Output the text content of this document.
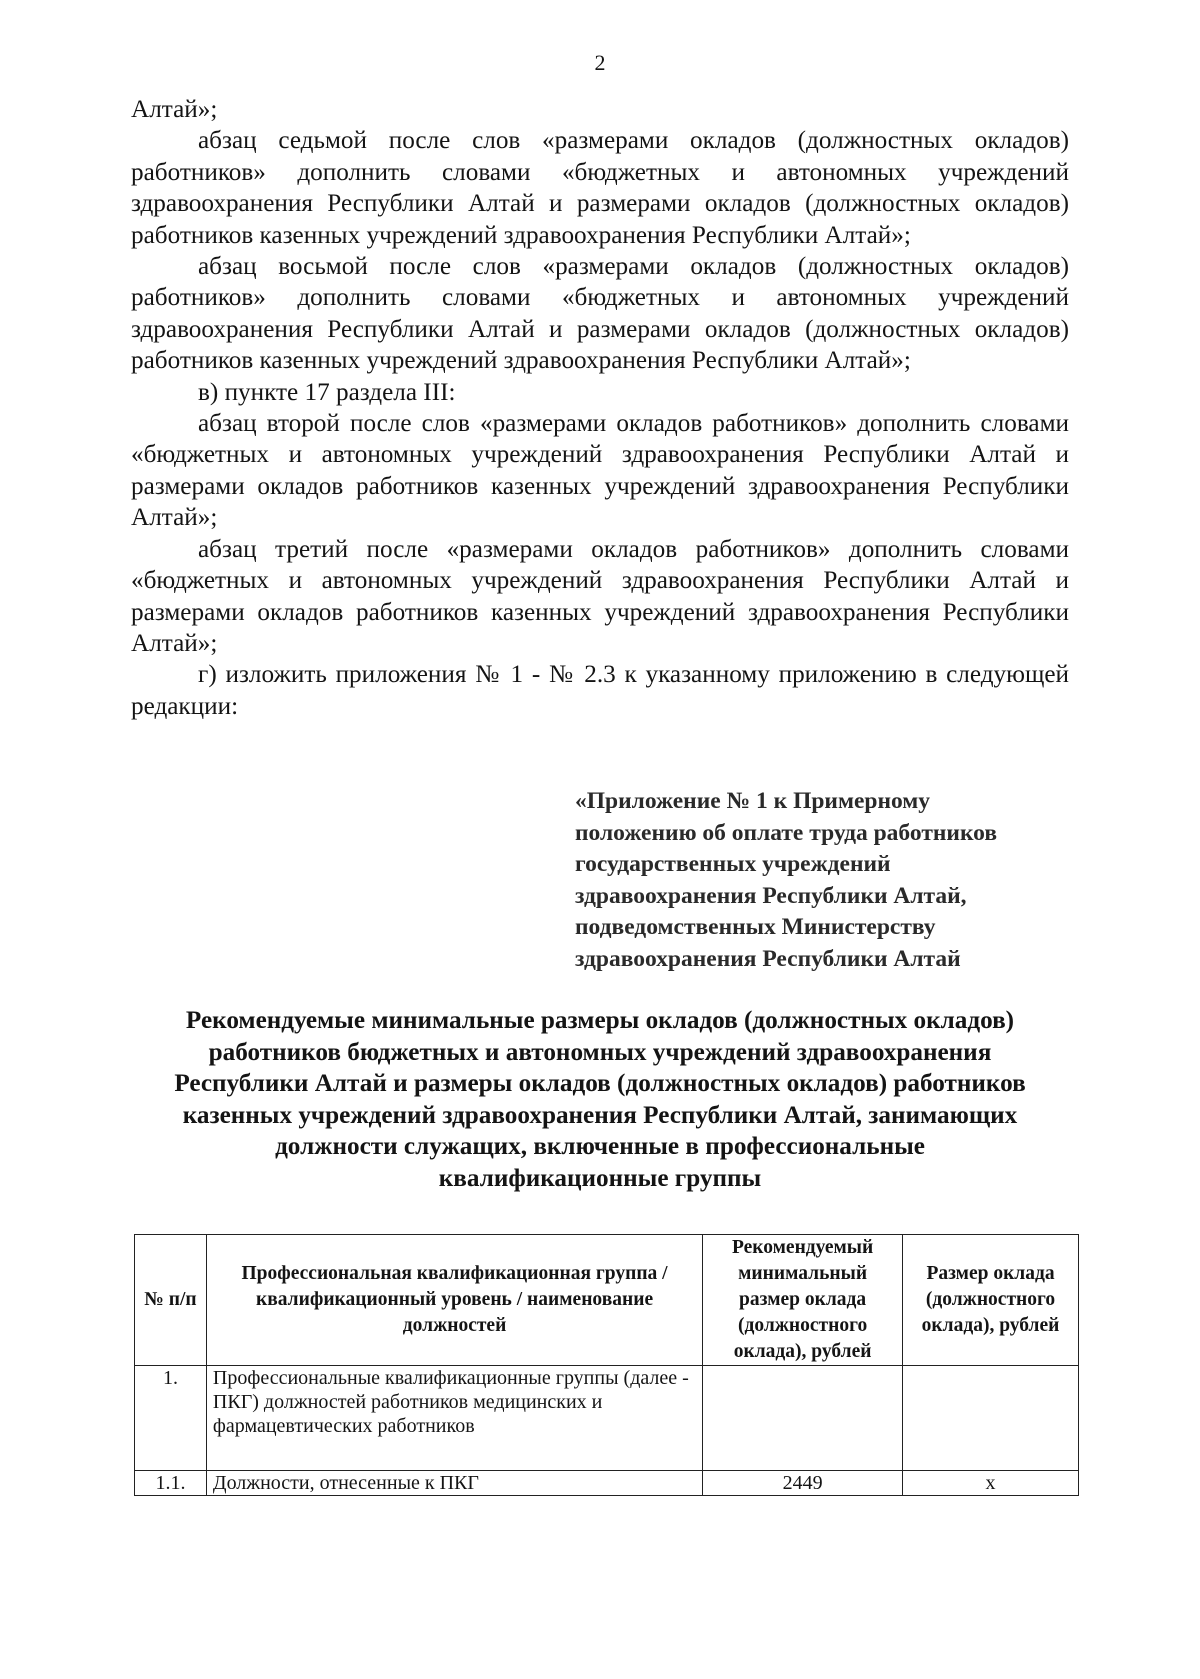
2

Алтай»;

абзац седьмой после слов «размерами окладов (должностных окладов) работников» дополнить словами «бюджетных и автономных учреждений здравоохранения Республики Алтай и размерами окладов (должностных окладов) работников казенных учреждений здравоохранения Республики Алтай»;

абзац восьмой после слов «размерами окладов (должностных окладов) работников» дополнить словами «бюджетных и автономных учреждений здравоохранения Республики Алтай и размерами окладов (должностных окладов) работников казенных учреждений здравоохранения Республики Алтай»;

в) пункте 17 раздела III:

абзац второй после слов «размерами окладов работников» дополнить словами «бюджетных и автономных учреждений здравоохранения Республики Алтай и размерами окладов работников казенных учреждений здравоохранения Республики Алтай»;

абзац третий после «размерами окладов работников» дополнить словами «бюджетных и автономных учреждений здравоохранения Республики Алтай и размерами окладов работников казенных учреждений здравоохранения Республики Алтай»;

г) изложить приложения № 1 - № 2.3 к указанному приложению в следующей редакции:

«Приложение № 1 к Примерному

положению об оплате труда работников

государственных учреждений

здравоохранения Республики Алтай,

подведомственных Министерству

здравоохранения Республики Алтай

Рекомендуемые минимальные размеры окладов (должностных окладов)

работников бюджетных и автономных учреждений здравоохранения

Республики Алтай и размеры окладов (должностных окладов) работников

казенных учреждений здравоохранения Республики Алтай, занимающих

должности служащих, включенные в профессиональные

квалификационные группы

№ п/п	Профессиональная квалификационная группа / квалификационный уровень / наименование должностей	Рекомендуемый минимальный размер оклада (должностного оклада), рублей	Размер оклада (должностного оклада), рублей
1.	Профессиональные квалификационные группы (далее - ПКГ) должностей работников медицинских и фармацевтических работников		
1.1.	Должности, отнесенные к ПКГ	2449	х
